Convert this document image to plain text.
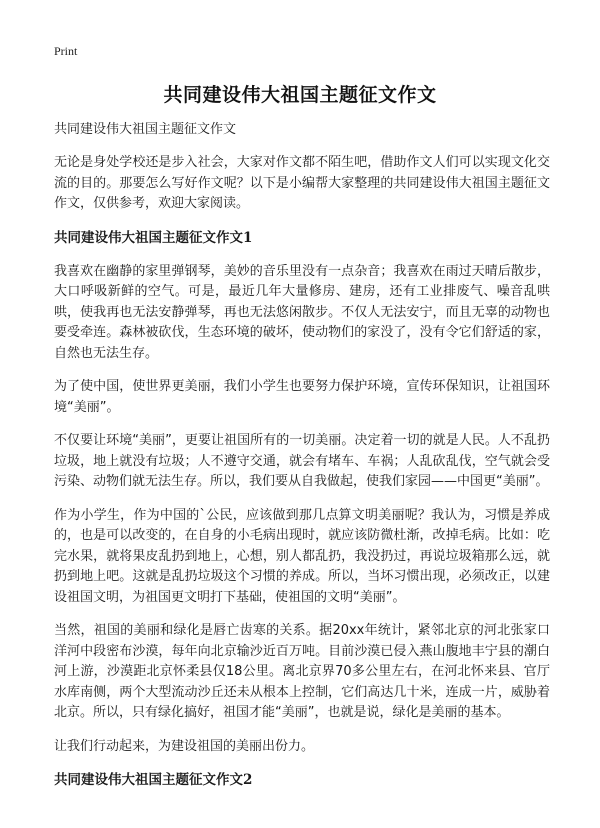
Print
共同建设伟大祖国主题征文作文
共同建设伟大祖国主题征文作文

无论是身处学校还是步入社会，大家对作文都不陌生吧，借助作文人们可以实现文化交流的目的。那要怎么写好作文呢？以下是小编帮大家整理的共同建设伟大祖国主题征文作文，仅供参考，欢迎大家阅读。

共同建设伟大祖国主题征文作文1

我喜欢在幽静的家里弹钢琴，美妙的音乐里没有一点杂音；我喜欢在雨过天晴后散步，大口呼吸新鲜的空气。可是，最近几年大量修房、建房，还有工业排废气、噪音乱哄哄，使我再也无法安静弹琴，再也无法悠闲散步。不仅人无法安宁，而且无辜的动物也要受牵连。森林被砍伐，生态环境的破坏，使动物们的家没了，没有令它们舒适的家，自然也无法生存。

为了使中国，使世界更美丽，我们小学生也要努力保护环境，宣传环保知识，让祖国环境“美丽”。

不仅要让环境“美丽”，更要让祖国所有的一切美丽。决定着一切的就是人民。人不乱扔垃圾，地上就没有垃圾；人不遵守交通，就会有堵车、车祸；人乱砍乱伐，空气就会受污染、动物们就无法生存。所以，我们要从自我做起，使我们家园——中国更“美丽”。

作为小学生，作为中国的`公民，应该做到那几点算文明美丽呢？我认为，习惯是养成的，也是可以改变的，在自身的小毛病出现时，就应该防微杜渐，改掉毛病。比如：吃完水果，就将果皮乱扔到地上，心想，别人都乱扔，我没扔过，再说垃圾箱那么远，就扔到地上吧。这就是乱扔垃圾这个习惯的养成。所以，当坏习惯出现，必须改正，以建设祖国文明，为祖国更文明打下基础，使祖国的文明“美丽”。

当然，祖国的美丽和绿化是唇亡齿寒的关系。据20xx年统计，紧邻北京的河北张家口洋河中段密布沙漠，每年向北京输沙近百万吨。目前沙漠已侵入燕山腹地丰宁县的潮白河上游，沙漠距北京怀柔县仅18公里。离北京界70多公里左右，在河北怀来县、官厅水库南侧，两个大型流动沙丘还未从根本上控制，它们高达几十米，连成一片，威胁着北京。所以，只有绿化搞好，祖国才能“美丽”，也就是说，绿化是美丽的基本。

让我们行动起来，为建设祖国的美丽出份力。

共同建设伟大祖国主题征文作文2
